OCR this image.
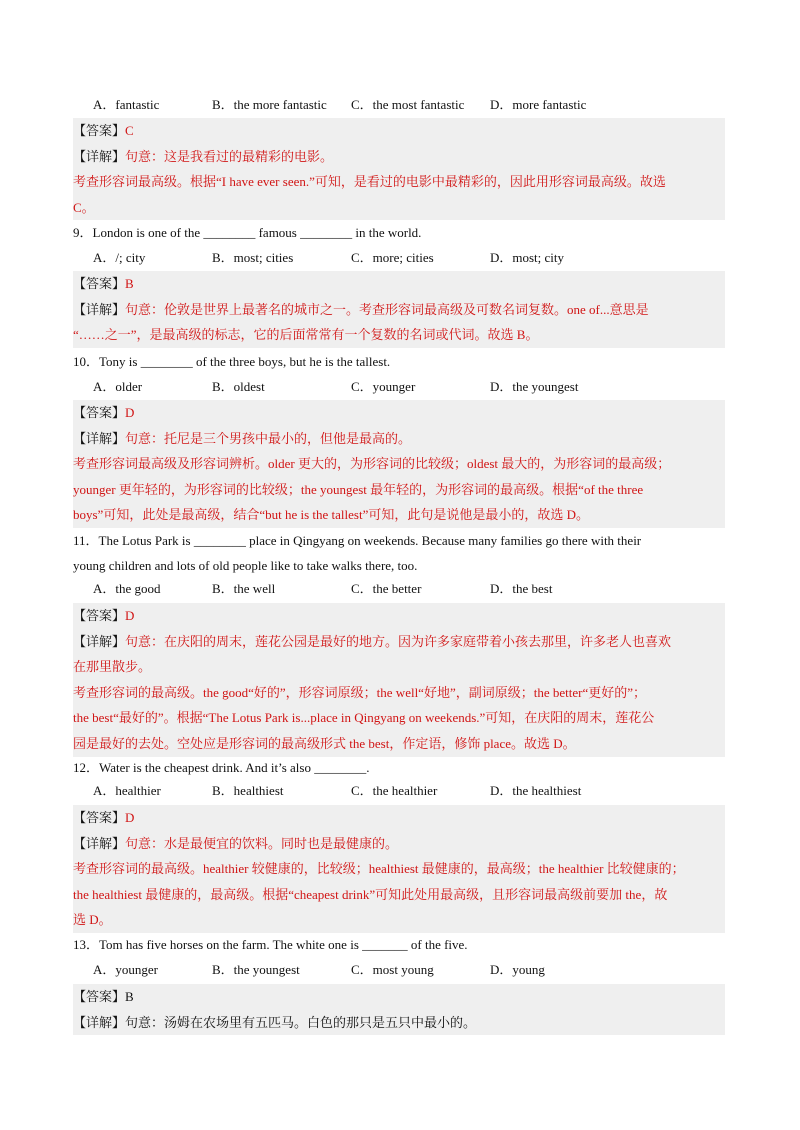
A．fantastic	B．the more fantastic C．the most fantastic D．more fantastic
【答案】C
【详解】句意：这是我看过的最精彩的电影。
考查形容词最高级。根据“I have ever seen.”可知，是看过的电影中最精彩的，因此用形容词最高级。故选
C。
9．London is one of the ________ famous ________ in the world.
A．/; city	B．most; cities	C．more; cities	D．most; city
【答案】B
【详解】句意：伦敦是世界上最著名的城市之一。考查形容词最高级及可数名词复数。one of...意思是
“……之一”，是最高级的标志，它的后面常常有一个复数的名词或代词。故选 B。
10．Tony is ________ of the three boys, but he is the tallest.
A．older	B．oldest	C．younger	D．the youngest
【答案】D
【详解】句意：托尼是三个男孩中最小的，但他是最高的。
考查形容词最高级及形容词辨析。older 更大的，为形容词的比较级；oldest 最大的，为形容词的最高级；
younger 更年轻的，为形容词的比较级；the youngest 最年轻的，为形容词的最高级。根据“of the three
boys”可知，此处是最高级，结合“but he is the tallest”可知，此句是说他是最小的，故选 D。
11．The Lotus Park is ________ place in Qingyang on weekends. Because many families go there with their
young children and lots of old people like to take walks there, too.
A．the good	B．the well	C．the better	D．the best
【答案】D
【详解】句意：在庆阳的周末，莲花公园是最好的地方。因为许多家庭带着小孩去那里，许多老人也喜欢
在那里散步。
考查形容词的最高级。the good“好的”，形容词原级；the well“好地”，副词原级；the better“更好的”；
the best“最好的”。根据“The Lotus Park is...place in Qingyang on weekends.”可知，在庆阳的周末，莲花公
园是最好的去处。空处应是形容词的最高级形式 the best，作定语，修饰 place。故选 D。
12．Water is the cheapest drink. And it’s also ________.
A．healthier	B．healthiest	C．the healthier	D．the healthiest
【答案】D
【详解】句意：水是最便宜的饮料。同时也是最健康的。
考查形容词的最高级。healthier 较健康的，比较级；healthiest 最健康的，最高级；the healthier 比较健康的；
the healthiest 最健康的，最高级。根据“cheapest drink”可知此处用最高级，且形容词最高级前要加 the，故
选 D。
13．Tom has five horses on the farm. The white one is _______ of the five.
A．younger	B．the youngest	C．most young	D．young
【答案】B
【详解】句意：汤姆在农场里有五匹马。白色的那只是五只中最小的。
